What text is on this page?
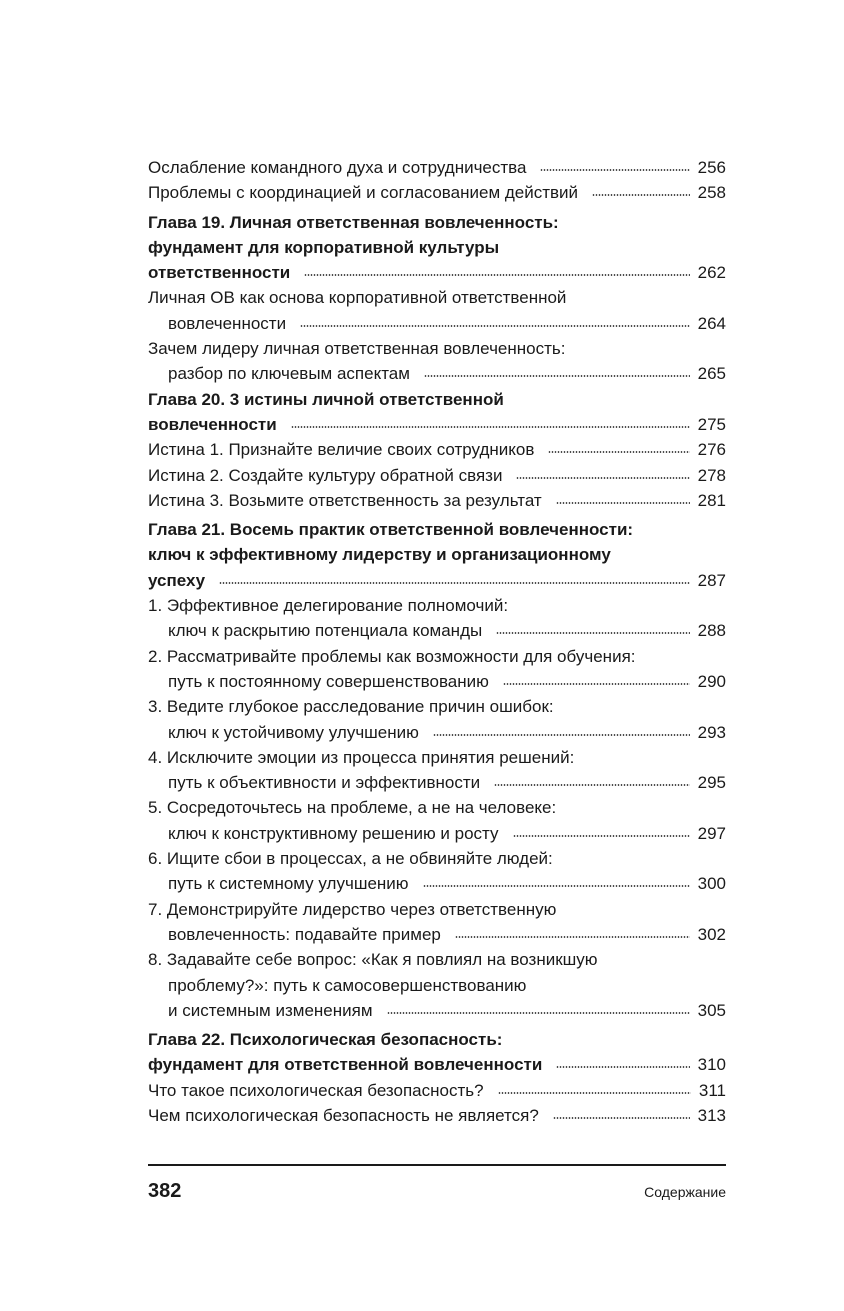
Ослабление командного духа и сотрудничества	256
Проблемы с координацией и согласованием действий	258
Глава 19. Личная ответственная вовлеченность:
фундамент для корпоративной культуры
ответственности	262
Личная ОВ как основа корпоративной ответственной
вовлеченности	264
Зачем лидеру личная ответственная вовлеченность:
разбор по ключевым аспектам	265
Глава 20. 3 истины личной ответственной
вовлеченности	275
Истина 1. Признайте величие своих сотрудников	276
Истина 2. Создайте культуру обратной связи	278
Истина 3. Возьмите ответственность за результат	281
Глава 21. Восемь практик ответственной вовлеченности:
ключ к эффективному лидерству и организационному
успеху	287
1. Эффективное делегирование полномочий:
ключ к раскрытию потенциала команды	288
2. Рассматривайте проблемы как возможности для обучения:
путь к постоянному совершенствованию	290
3. Ведите глубокое расследование причин ошибок:
ключ к устойчивому улучшению	293
4. Исключите эмоции из процесса принятия решений:
путь к объективности и эффективности	295
5. Сосредоточьтесь на проблеме, а не на человеке:
ключ к конструктивному решению и росту	297
6. Ищите сбои в процессах, а не обвиняйте людей:
путь к системному улучшению	300
7. Демонстрируйте лидерство через ответственную
вовлеченность: подавайте пример	302
8. Задавайте себе вопрос: «Как я повлиял на возникшую
проблему?»: путь к самосовершенствованию
и системным изменениям	305
Глава 22. Психологическая безопасность:
фундамент для ответственной вовлеченности	310
Что такое психологическая безопасность?	311
Чем психологическая безопасность не является?	313
382	Содержание
